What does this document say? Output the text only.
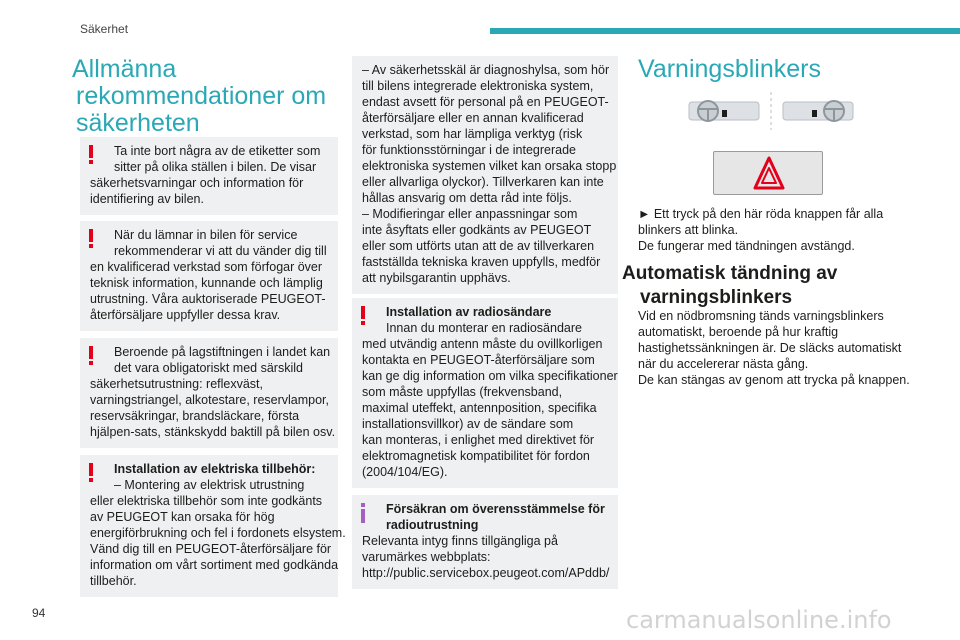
Säkerhet
Allmänna
rekommendationer om
säkerheten
Ta inte bort några av de etiketter som
sitter på olika ställen i bilen. De visar
säkerhetsvarningar och information för
identifiering av bilen.
När du lämnar in bilen för service
rekommenderar vi att du vänder dig till
en kvalificerad verkstad som förfogar över
teknisk information, kunnande och lämplig
utrustning. Våra auktoriserade PEUGEOT-
återförsäljare uppfyller dessa krav.
Beroende på lagstiftningen i landet kan
det vara obligatoriskt med särskild
säkerhetsutrustning: reflexväst,
varningstriangel, alkotestare, reservlampor,
reservsäkringar, brandsläckare, första
hjälpen-sats, stänkskydd baktill på bilen osv.
Installation av elektriska tillbehör:
– Montering av elektrisk utrustning
eller elektriska tillbehör som inte godkänts
av PEUGEOT kan orsaka för hög
energiförbrukning och fel i fordonets elsystem.
Vänd dig till en PEUGEOT-återförsäljare för
information om vårt sortiment med godkända
tillbehör.
– Av säkerhetsskäl är diagnoshylsa, som hör
till bilens integrerade elektroniska system,
endast avsett för personal på en PEUGEOT-
återförsäljare eller en annan kvalificerad
verkstad, som har lämpliga verktyg (risk
för funktionsstörningar i de integrerade
elektroniska systemen vilket kan orsaka stopp
eller allvarliga olyckor). Tillverkaren kan inte
hållas ansvarig om detta råd inte följs.
– Modifieringar eller anpassningar som
inte åsyftats eller godkänts av PEUGEOT
eller som utförts utan att de av tillverkaren
fastställda tekniska kraven uppfylls, medför
att nybilsgarantin upphävs.
Installation av radiosändare
Innan du monterar en radiosändare
med utvändig antenn måste du ovillkorligen
kontakta en PEUGEOT-återförsäljare som
kan ge dig information om vilka specifikationer
som måste uppfyllas (frekvensband,
maximal uteffekt, antennposition, specifika
installationsvillkor) av de sändare som
kan monteras, i enlighet med direktivet för
elektromagnetisk kompatibilitet för fordon
(2004/104/EG).
Försäkran om överensstämmelse för
radioutrustning
Relevanta intyg finns tillgängliga på
varumärkes webbplats:
http://public.servicebox.peugeot.com/APddb/
Varningsblinkers
► Ett tryck på den här röda knappen får alla
blinkers att blinka.
De fungerar med tändningen avstängd.
Automatisk tändning av
varningsblinkers
Vid en nödbromsning tänds varningsblinkers
automatiskt, beroende på hur kraftig
hastighetssänkningen är. De släcks automatiskt
när du accelererar nästa gång.
De kan stängas av genom att trycka på knappen.
94	carmanualsonline.info
